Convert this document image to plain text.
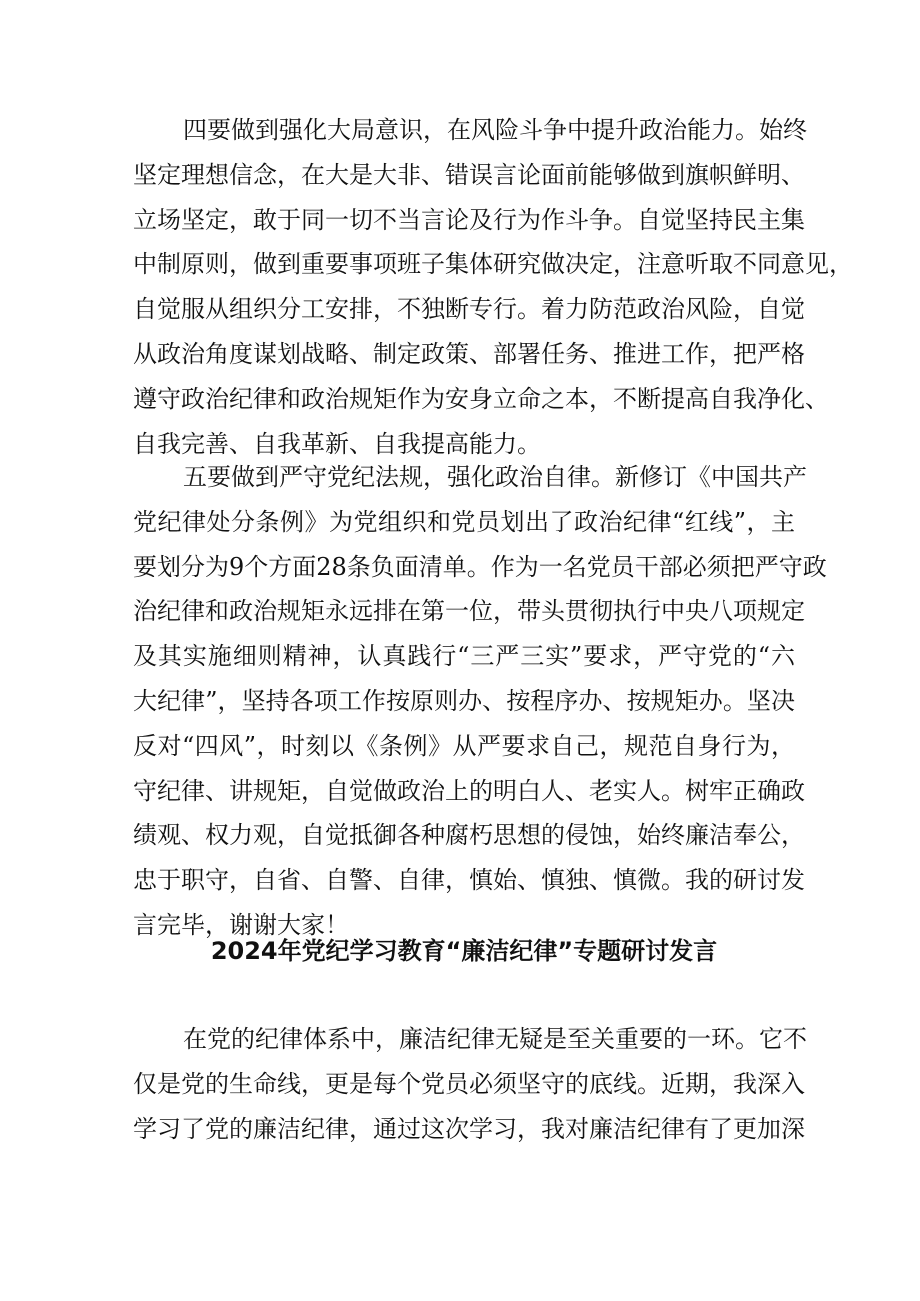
四要做到强化大局意识，在风险斗争中提升政治能力。始终
坚定理想信念，在大是大非、错误言论面前能够做到旗帜鲜明、
立场坚定，敢于同一切不当言论及行为作斗争。自觉坚持民主集
中制原则，做到重要事项班子集体研究做决定，注意听取不同意见，
自觉服从组织分工安排，不独断专行。着力防范政治风险，自觉
从政治角度谋划战略、制定政策、部署任务、推进工作，把严格
遵守政治纪律和政治规矩作为安身立命之本，不断提高自我净化、
自我完善、自我革新、自我提高能力。
五要做到严守党纪法规，强化政治自律。新修订《中国共产
党纪律处分条例》为党组织和党员划出了政治纪律“红线”，主
要划分为9个方面28条负面清单。作为一名党员干部必须把严守政
治纪律和政治规矩永远排在第一位，带头贯彻执行中央八项规定
及其实施细则精神，认真践行“三严三实”要求，严守党的“六
大纪律”，坚持各项工作按原则办、按程序办、按规矩办。坚决
反对“四风”，时刻以《条例》从严要求自己，规范自身行为，
守纪律、讲规矩，自觉做政治上的明白人、老实人。树牢正确政
绩观、权力观，自觉抵御各种腐朽思想的侵蚀，始终廉洁奉公，
忠于职守，自省、自警、自律，慎始、慎独、慎微。我的研讨发
言完毕，谢谢大家！
2024年党纪学习教育“廉洁纪律”专题研讨发言
在党的纪律体系中，廉洁纪律无疑是至关重要的一环。它不
仅是党的生命线，更是每个党员必须坚守的底线。近期，我深入
学习了党的廉洁纪律，通过这次学习，我对廉洁纪律有了更加深
